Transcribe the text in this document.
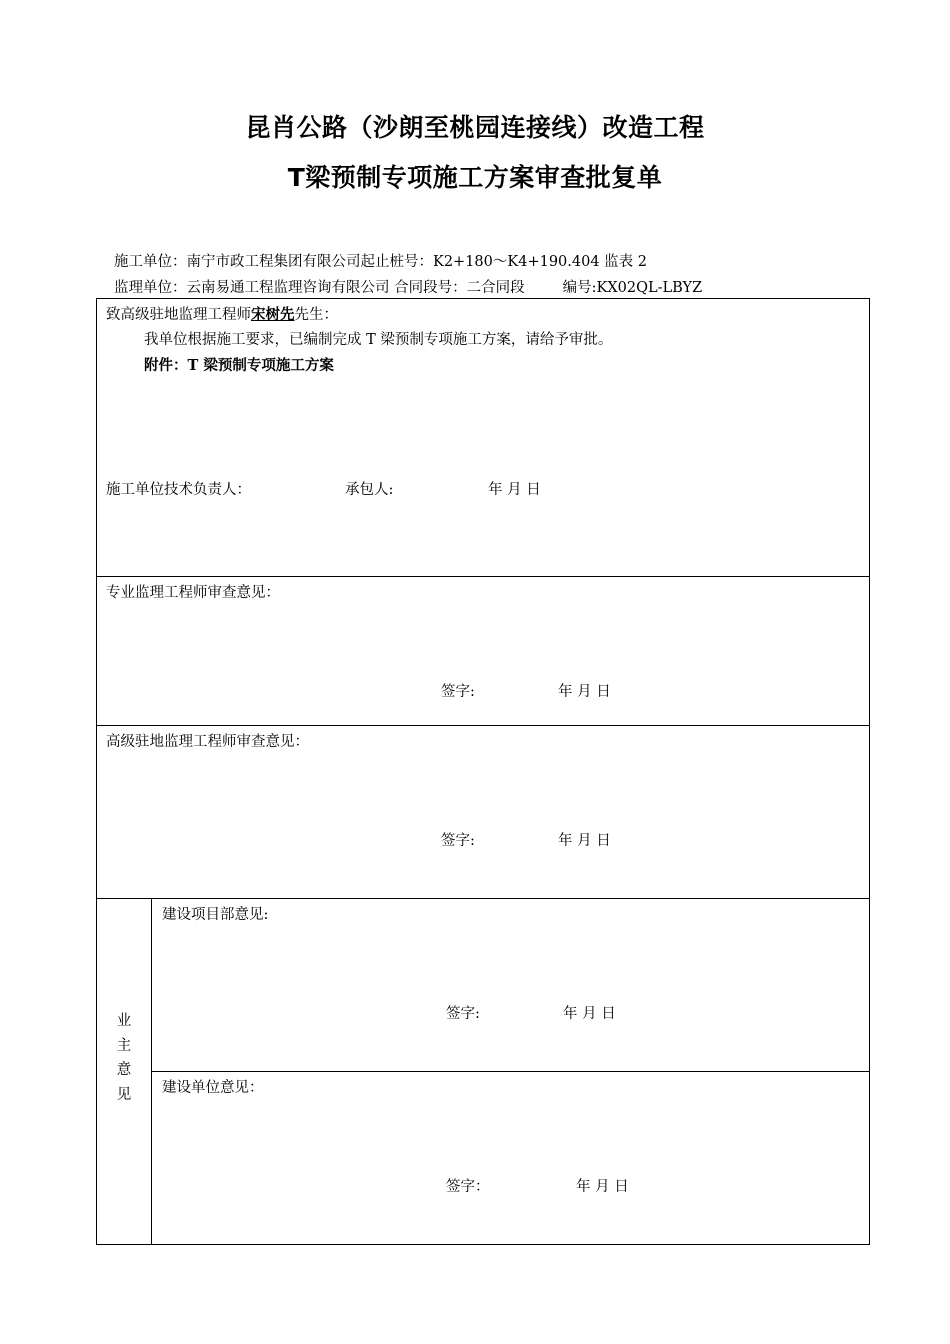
昆肖公路（沙朗至桃园连接线）改造工程
T梁预制专项施工方案审查批复单
施工单位：南宁市政工程集团有限公司起止桩号：K2+180～K4+190.404 监表 2
监理单位：云南易通工程监理咨询有限公司 合同段号：二合同段	编号:KX02QL-LBYZ
致高级驻地监理工程师宋树先先生：
我单位根据施工要求，已编制完成 T 梁预制专项施工方案，请给予审批。
附件：T 梁预制专项施工方案
施工单位技术负责人：	承包人:	年 月 日

专业监理工程师审查意见：
签字:	年 月 日

高级驻地监理工程师审查意见：
签字:	年 月 日

业
主
意
见

建设项目部意见:
签字:	年 月 日

建设单位意见：
签字：	年 月 日
